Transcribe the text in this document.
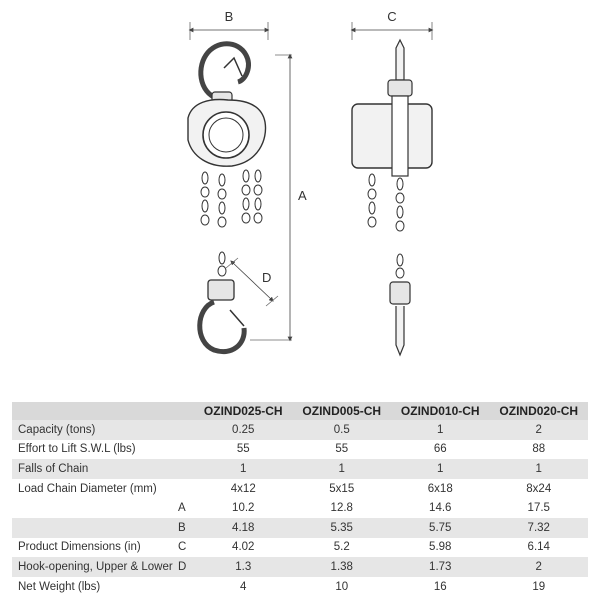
B
A
D
C
		OZIND025-CH	OZIND005-CH	OZIND010-CH	OZIND020-CH
Capacity (tons)		0.25	0.5	1	2
Effort to Lift S.W.L (lbs)		55	55	66	88
Falls of Chain		1	1	1	1
Load Chain Diameter (mm)		4x12	5x15	6x18	8x24
	A	10.2	12.8	14.6	17.5
	B	4.18	5.35	5.75	7.32
Product Dimensions (in)	C	4.02	5.2	5.98	6.14
Hook-opening, Upper & Lower	D	1.3	1.38	1.73	2
Net Weight (lbs)		4	10	16	19
